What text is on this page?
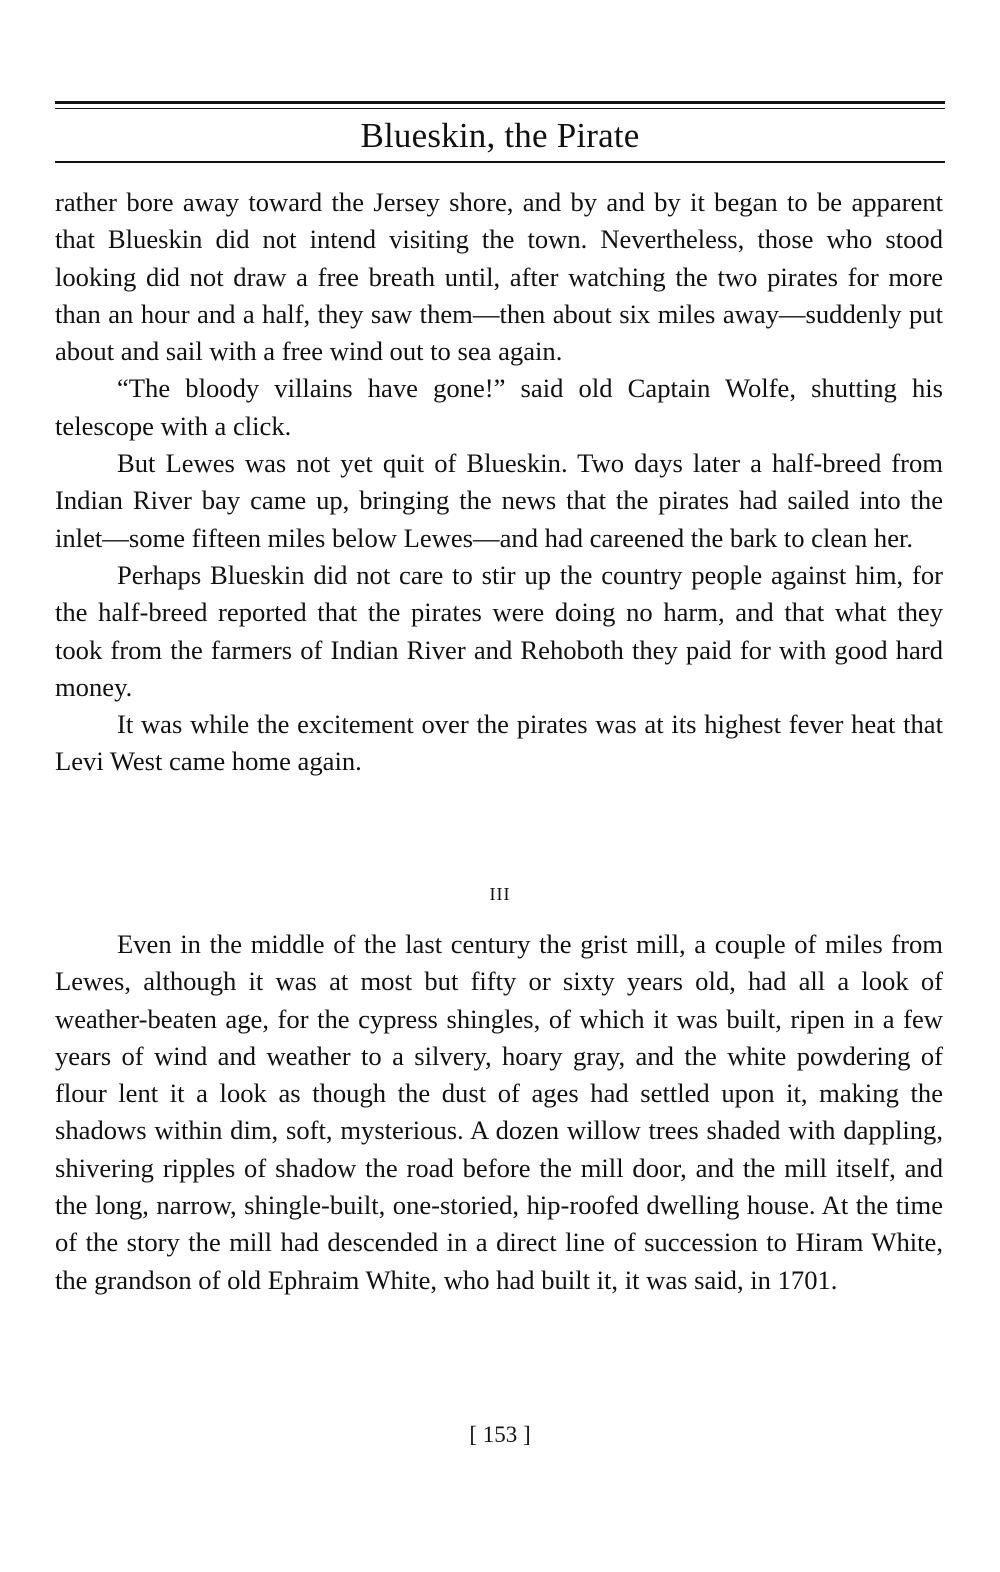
Blueskin, the Pirate

rather bore away toward the Jersey shore, and by and by it began to be apparent that Blueskin did not intend visiting the town. Nevertheless, those who stood looking did not draw a free breath until, after watching the two pirates for more than an hour and a half, they saw them—then about six miles away—suddenly put about and sail with a free wind out to sea again.

“The bloody villains have gone!” said old Captain Wolfe, shutting his telescope with a click.

But Lewes was not yet quit of Blueskin. Two days later a half-breed from Indian River bay came up, bringing the news that the pirates had sailed into the inlet—some fifteen miles below Lewes—and had careened the bark to clean her.

Perhaps Blueskin did not care to stir up the country people against him, for the half-breed reported that the pirates were doing no harm, and that what they took from the farmers of Indian River and Rehoboth they paid for with good hard money.

It was while the excitement over the pirates was at its highest fever heat that Levi West came home again.

III

Even in the middle of the last century the grist mill, a couple of miles from Lewes, although it was at most but fifty or sixty years old, had all a look of weather-beaten age, for the cypress shingles, of which it was built, ripen in a few years of wind and weather to a silvery, hoary gray, and the white powdering of flour lent it a look as though the dust of ages had settled upon it, making the shadows within dim, soft, mysterious. A dozen willow trees shaded with dappling, shivering ripples of shadow the road before the mill door, and the mill itself, and the long, narrow, shingle-built, one-storied, hip-roofed dwelling house. At the time of the story the mill had descended in a direct line of succession to Hiram White, the grandson of old Ephraim White, who had built it, it was said, in 1701.

[ 153 ]
